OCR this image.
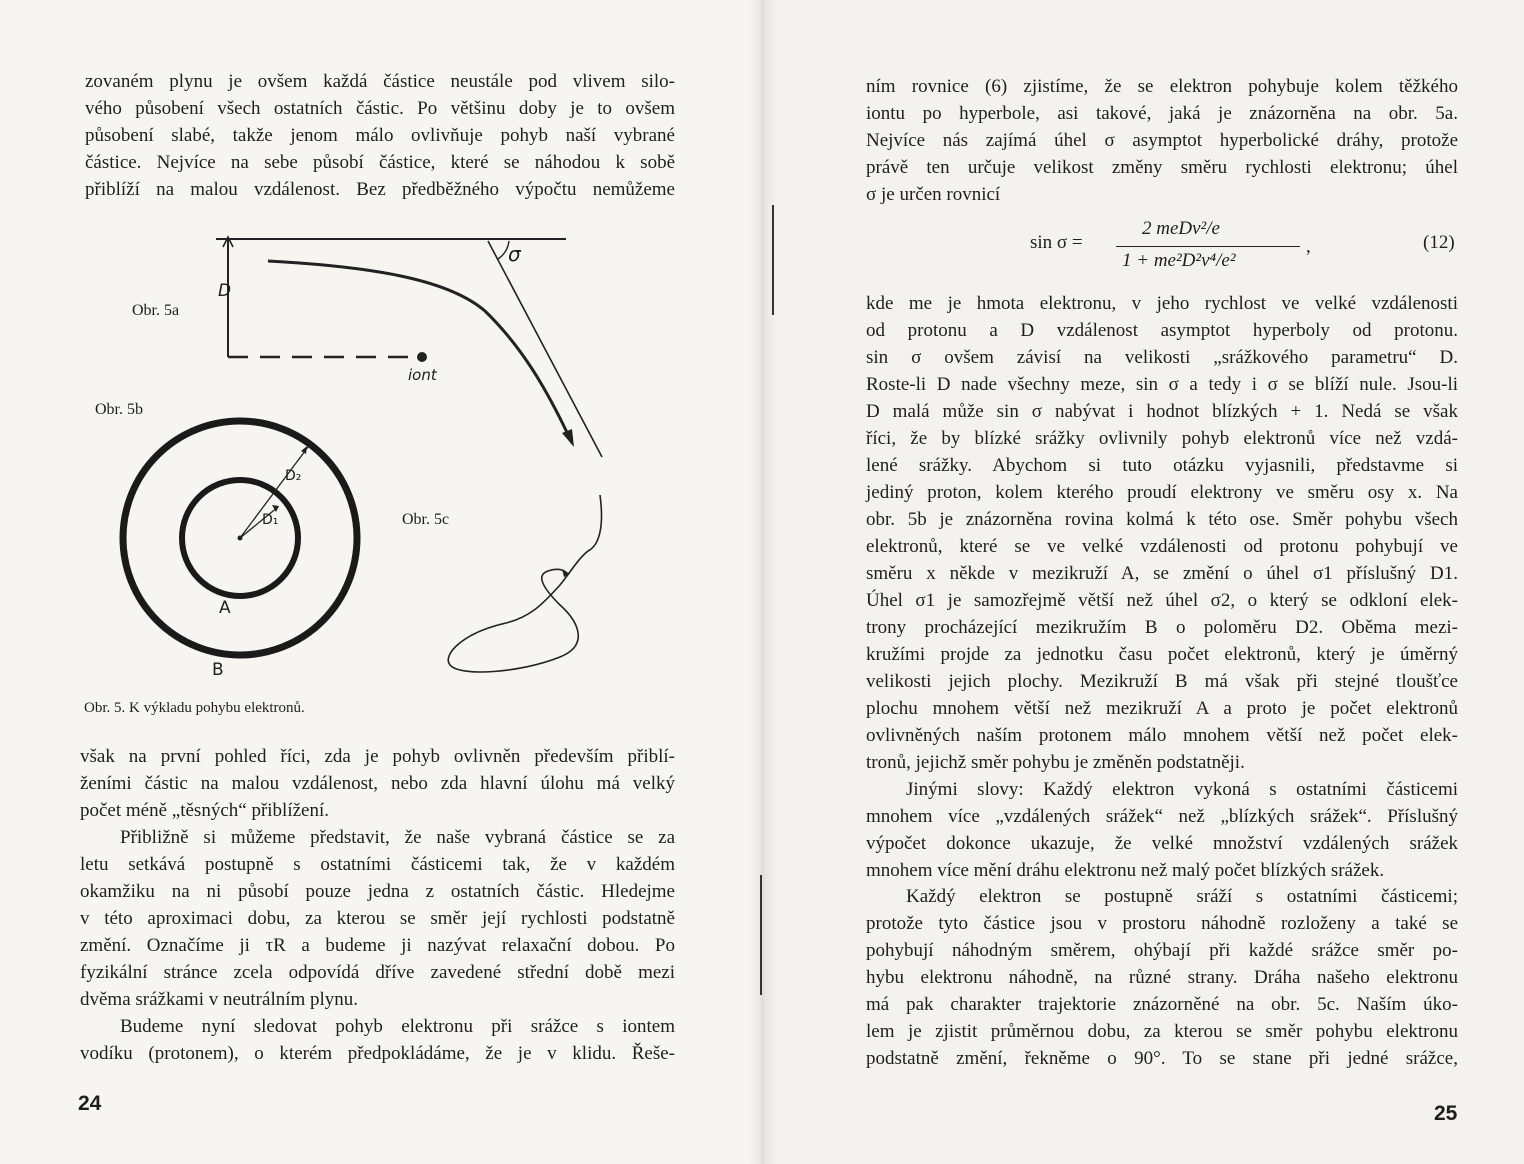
zovaném plynu je ovšem každá částice neustále pod vlivem silo-
vého působení všech ostatních částic. Po většinu doby je to ovšem
působení slabé, takže jenom málo ovlivňuje pohyb naší vybrané
částice. Nejvíce na sebe působí částice, které se náhodou k sobě
přiblíží na malou vzdálenost. Bez předběžného výpočtu nemůžeme
Obr. 5a
Obr. 5b
Obr. 5c
D
σ
iont
D₂
D₁
A
B
Obr. 5. K výkladu pohybu elektronů.
však na první pohled říci, zda je pohyb ovlivněn především přiblí-
ženími částic na malou vzdálenost, nebo zda hlavní úlohu má velký
počet méně „těsných“ přiblížení.
Přibližně si můžeme představit, že naše vybraná částice se za
letu setkává postupně s ostatními částicemi tak, že v každém
okamžiku na ni působí pouze jedna z ostatních částic. Hledejme
v této aproximaci dobu, za kterou se směr její rychlosti podstatně
změní. Označíme ji τR a budeme ji nazývat relaxační dobou. Po
fyzikální stránce zcela odpovídá dříve zavedené střední době mezi
dvěma srážkami v neutrálním plynu.
Budeme nyní sledovat pohyb elektronu při srážce s iontem
vodíku (protonem), o kterém předpokládáme, že je v klidu. Řeše-
24
ním rovnice (6) zjistíme, že se elektron pohybuje kolem těžkého
iontu po hyperbole, asi takové, jaká je znázorněna na obr. 5a.
Nejvíce nás zajímá úhel σ asymptot hyperbolické dráhy, protože
právě ten určuje velikost změny směru rychlosti elektronu; úhel
σ je určen rovnicí
sin σ =
2 meDv²/e
1 + me²D²v⁴/e²
,	(12)
kde me je hmota elektronu, v jeho rychlost ve velké vzdálenosti
od protonu a D vzdálenost asymptot hyperboly od protonu.
sin σ ovšem závisí na velikosti „srážkového parametru“ D.
Roste-li D nade všechny meze, sin σ a tedy i σ se blíží nule. Jsou-li
D malá může sin σ nabývat i hodnot blízkých + 1. Nedá se však
říci, že by blízké srážky ovlivnily pohyb elektronů více než vzdá-
lené srážky. Abychom si tuto otázku vyjasnili, představme si
jediný proton, kolem kterého proudí elektrony ve směru osy x. Na
obr. 5b je znázorněna rovina kolmá k této ose. Směr pohybu všech
elektronů, které se ve velké vzdálenosti od protonu pohybují ve
směru x někde v mezikruží A, se změní o úhel σ1 příslušný D1.
Úhel σ1 je samozřejmě větší než úhel σ2, o který se odkloní elek-
trony procházející mezikružím B o poloměru D2. Oběma mezi-
kružími projde za jednotku času počet elektronů, který je úměrný
velikosti jejich plochy. Mezikruží B má však při stejné tloušťce
plochu mnohem větší než mezikruží A a proto je počet elektronů
ovlivněných naším protonem málo mnohem větší než počet elek-
tronů, jejichž směr pohybu je změněn podstatněji.
Jinými slovy: Každý elektron vykoná s ostatními částicemi
mnohem více „vzdálených srážek“ než „blízkých srážek“. Příslušný
výpočet dokonce ukazuje, že velké množství vzdálených srážek
mnohem více mění dráhu elektronu než malý počet blízkých srážek.
Každý elektron se postupně sráží s ostatními částicemi;
protože tyto částice jsou v prostoru náhodně rozloženy a také se
pohybují náhodným směrem, ohýbají při každé srážce směr po-
hybu elektronu náhodně, na různé strany. Dráha našeho elektronu
má pak charakter trajektorie znázorněné na obr. 5c. Naším úko-
lem je zjistit průměrnou dobu, za kterou se směr pohybu elektronu
podstatně změní, řekněme o 90°. To se stane při jedné srážce,
25
